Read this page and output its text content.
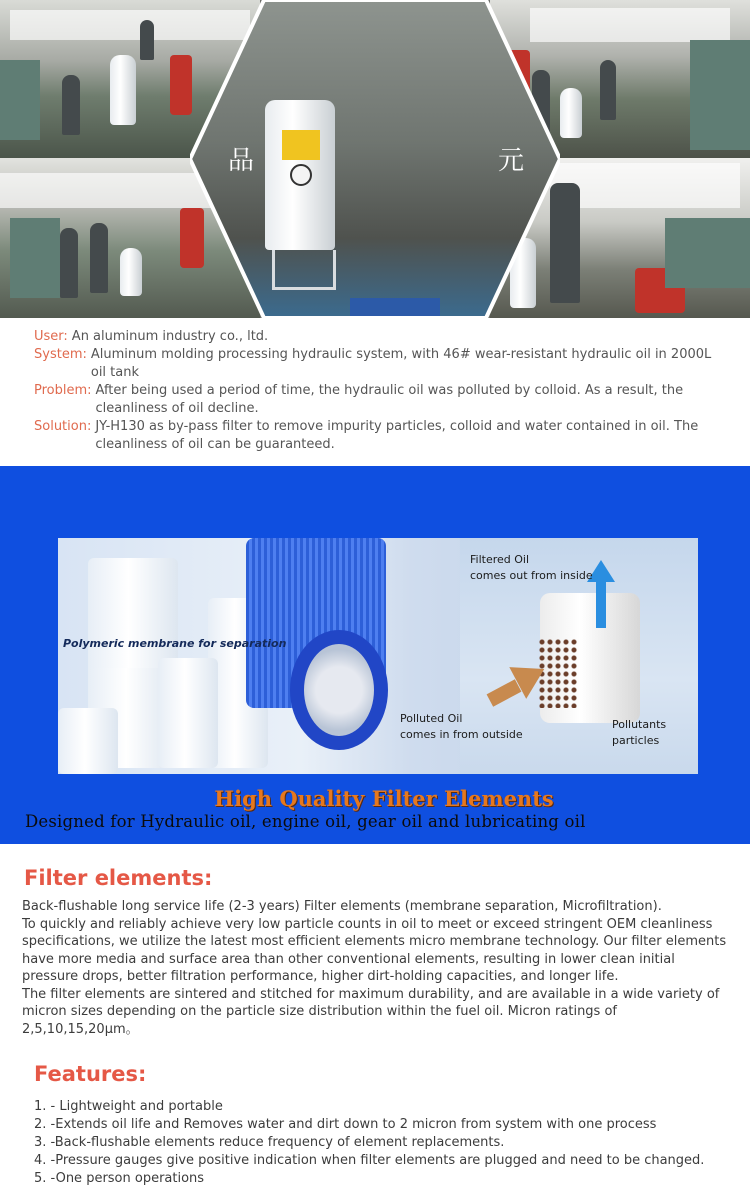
品	元
User: An aluminum industry co., ltd.
System: Aluminum molding processing hydraulic system, with 46# wear-resistant hydraulic oil in 2000L oil tank
Problem: After being used a period of time, the hydraulic oil was polluted by colloid. As a result, the cleanliness of oil decline.
Solution: JY-H130 as by-pass filter to remove impurity particles, colloid and water contained in oil. The cleanliness of oil can be guaranteed.
Polymeric membrane for separation
Filtered Oil
comes out from inside
Polluted Oil
comes in from outside
Pollutants
particles
High Quality Filter Elements
Designed for Hydraulic oil, engine oil, gear oil and lubricating oil
Filter elements:
Back-flushable long service life (2-3 years) Filter elements (membrane separation, Microfiltration).
To quickly and reliably achieve very low particle counts in oil to meet or exceed stringent OEM cleanliness specifications, we utilize the latest most efficient elements micro membrane technology. Our filter elements have more media and surface area than other conventional elements, resulting in lower clean initial pressure drops, better filtration performance, higher dirt-holding capacities, and longer life.
The filter elements are sintered and stitched for maximum durability, and are available in a wide variety of micron sizes depending on the particle size distribution within the fuel oil. Micron ratings of 2,5,10,15,20μm。
Features:
1. - Lightweight and portable
2. -Extends oil life and Removes water and dirt down to 2 micron from system with one process
3. -Back-flushable elements reduce frequency of element replacements.
4. -Pressure gauges give positive indication when filter elements are plugged and need to be changed.
5. -One person operations
